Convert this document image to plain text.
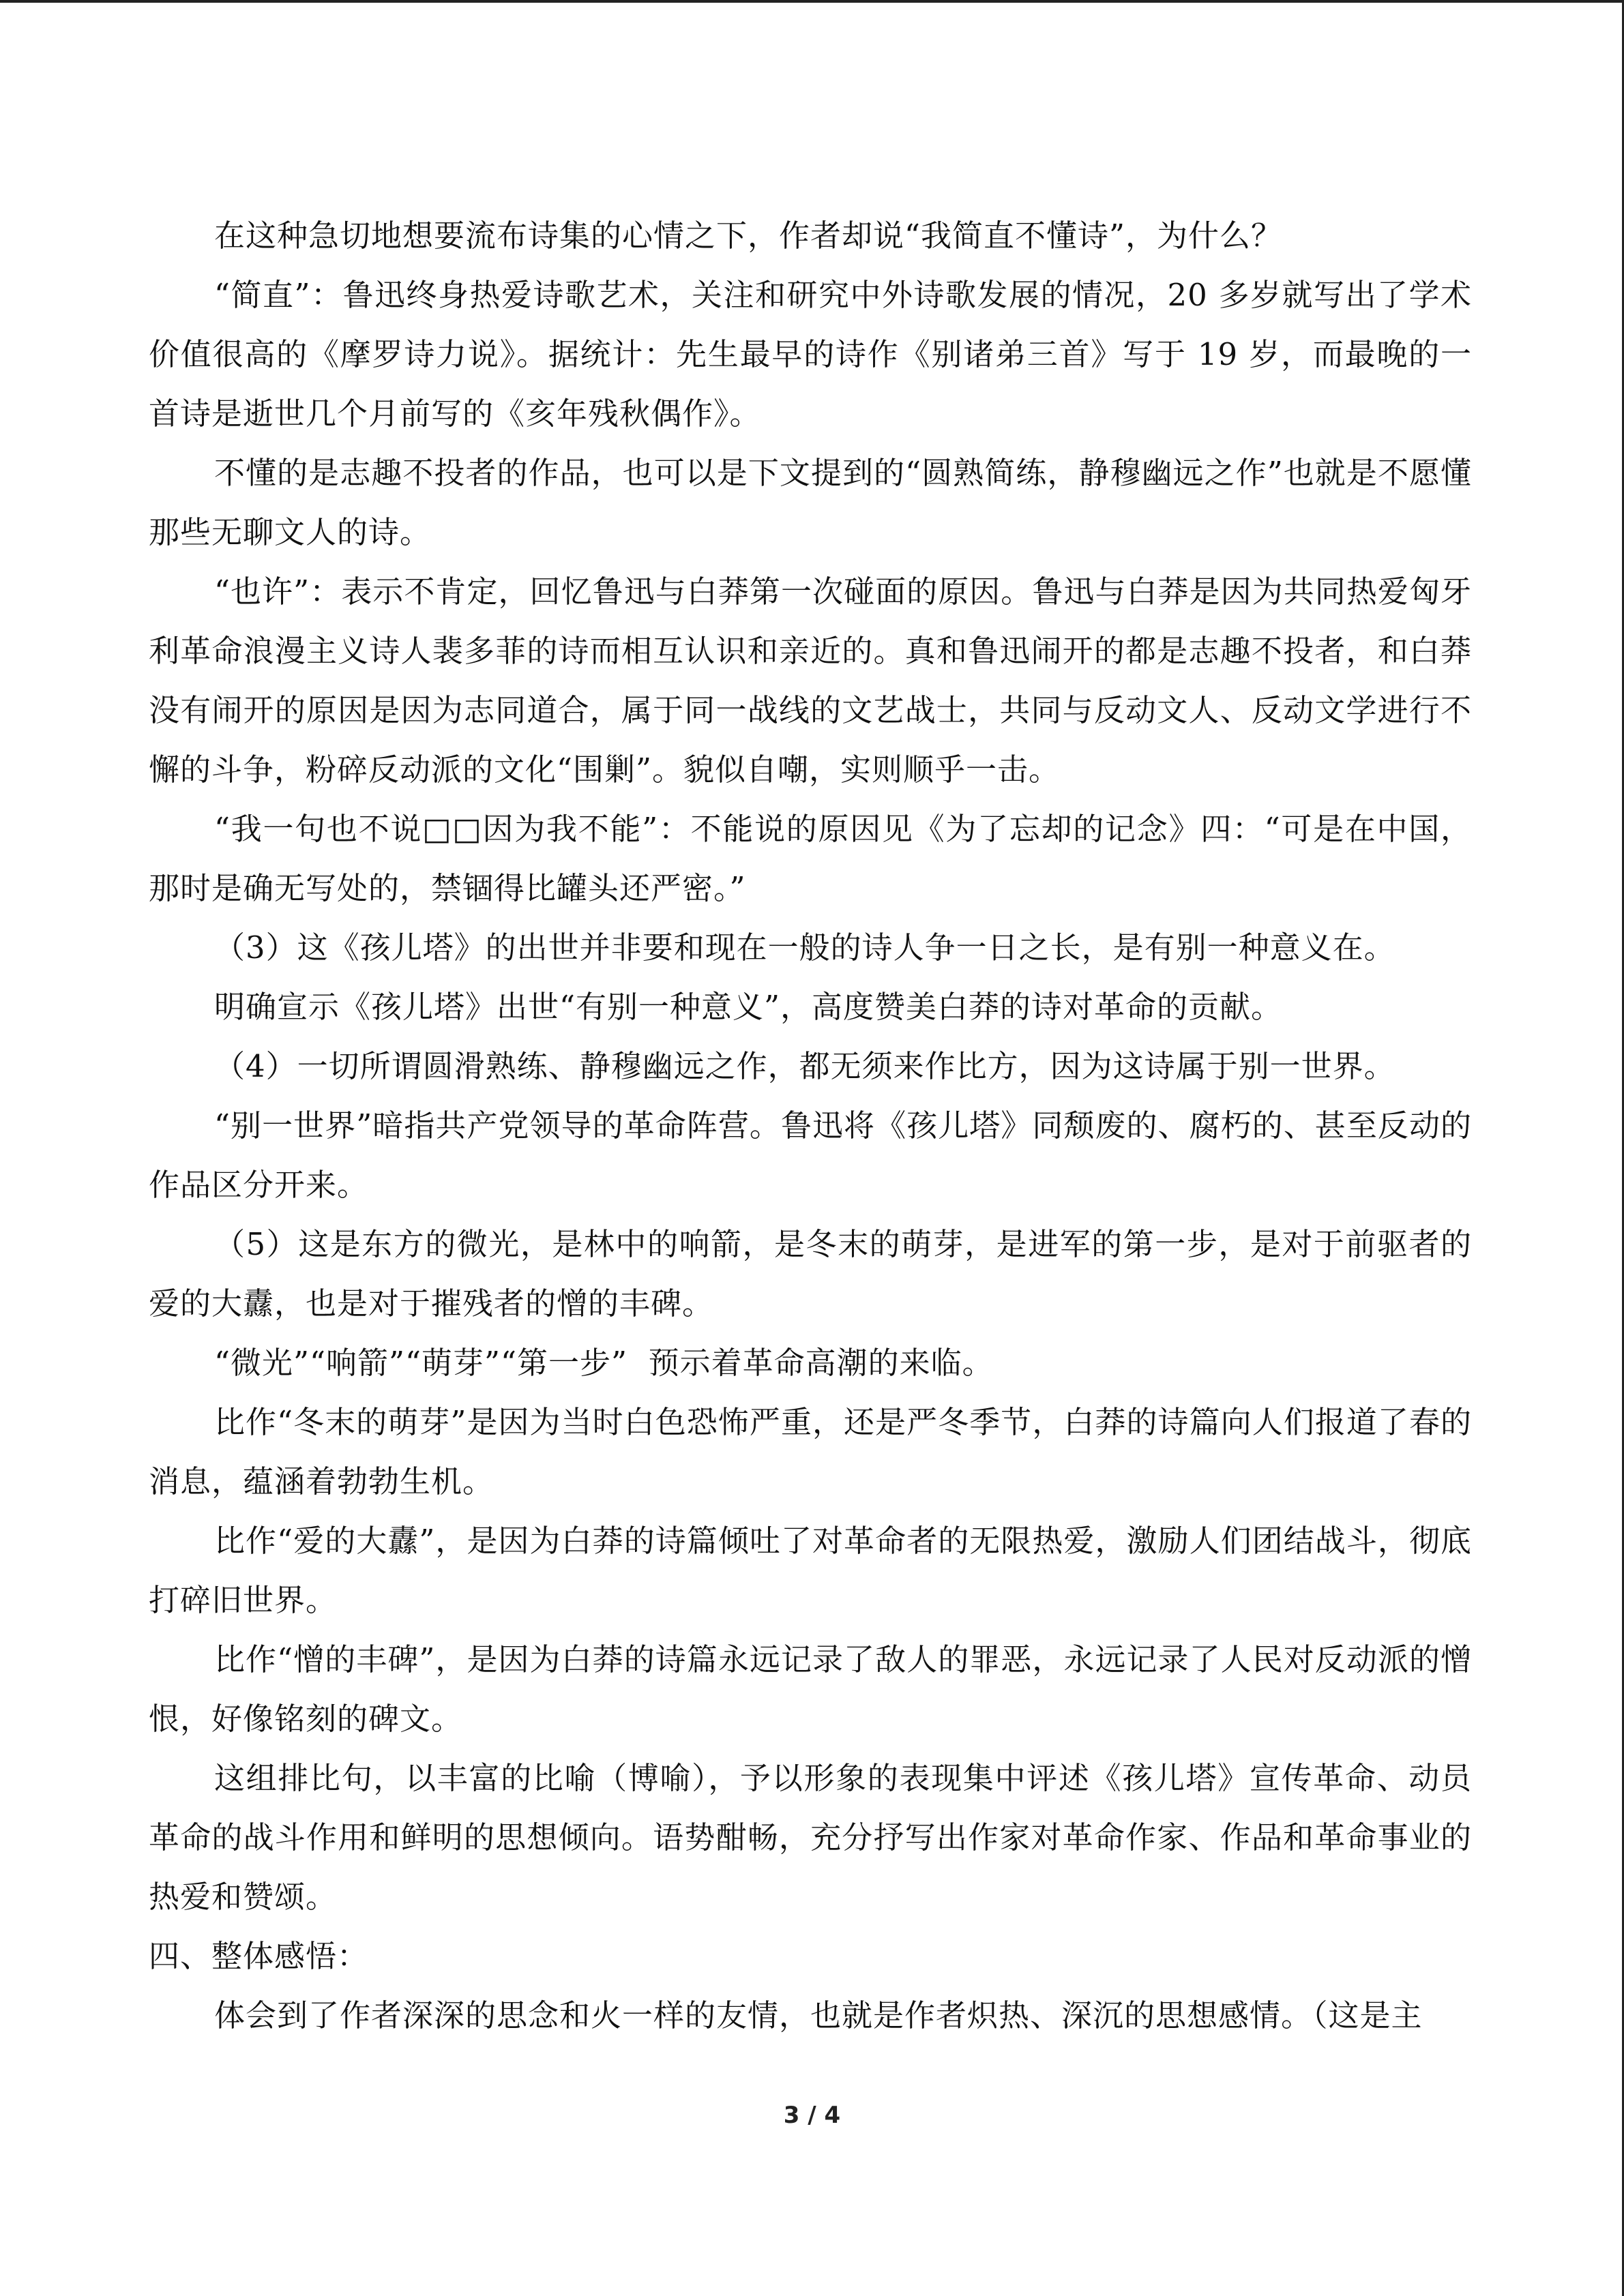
在这种急切地想要流布诗集的心情之下，作者却说“我简直不懂诗”，为什么？

“简直”：鲁迅终身热爱诗歌艺术，关注和研究中外诗歌发展的情况，20 多岁就写出了学术价值很高的《摩罗诗力说》。据统计：先生最早的诗作《别诸弟三首》写于 19 岁，而最晚的一首诗是逝世几个月前写的《亥年残秋偶作》。

不懂的是志趣不投者的作品，也可以是下文提到的“圆熟简练，静穆幽远之作”也就是不愿懂那些无聊文人的诗。

“也许”：表示不肯定，回忆鲁迅与白莽第一次碰面的原因。鲁迅与白莽是因为共同热爱匈牙利革命浪漫主义诗人裴多菲的诗而相互认识和亲近的。真和鲁迅闹开的都是志趣不投者，和白莽没有闹开的原因是因为志同道合，属于同一战线的文艺战士，共同与反动文人、反动文学进行不懈的斗争，粉碎反动派的文化“围剿”。貌似自嘲，实则顺乎一击。

“我一句也不说□□因为我不能”：不能说的原因见《为了忘却的记念》四：“可是在中国，那时是确无写处的，禁锢得比罐头还严密。”

（3）这《孩儿塔》的出世并非要和现在一般的诗人争一日之长，是有别一种意义在。

明确宣示《孩儿塔》出世“有别一种意义”，高度赞美白莽的诗对革命的贡献。

（4）一切所谓圆滑熟练、静穆幽远之作，都无须来作比方，因为这诗属于别一世界。

“别一世界”暗指共产党领导的革命阵营。鲁迅将《孩儿塔》同颓废的、腐朽的、甚至反动的作品区分开来。

（5）这是东方的微光，是林中的响箭，是冬末的萌芽，是进军的第一步，是对于前驱者的爱的大纛，也是对于摧残者的憎的丰碑。

“微光”“响箭”“萌芽”“第一步”  预示着革命高潮的来临。

比作“冬末的萌芽”是因为当时白色恐怖严重，还是严冬季节，白莽的诗篇向人们报道了春的消息，蕴涵着勃勃生机。

比作“爱的大纛”，是因为白莽的诗篇倾吐了对革命者的无限热爱，激励人们团结战斗，彻底打碎旧世界。

比作“憎的丰碑”，是因为白莽的诗篇永远记录了敌人的罪恶，永远记录了人民对反动派的憎恨，好像铭刻的碑文。

这组排比句，以丰富的比喻（博喻），予以形象的表现集中评述《孩儿塔》宣传革命、动员革命的战斗作用和鲜明的思想倾向。语势酣畅，充分抒写出作家对革命作家、作品和革命事业的热爱和赞颂。

四、整体感悟：

体会到了作者深深的思念和火一样的友情，也就是作者炽热、深沉的思想感情。（这是主

3 / 4
